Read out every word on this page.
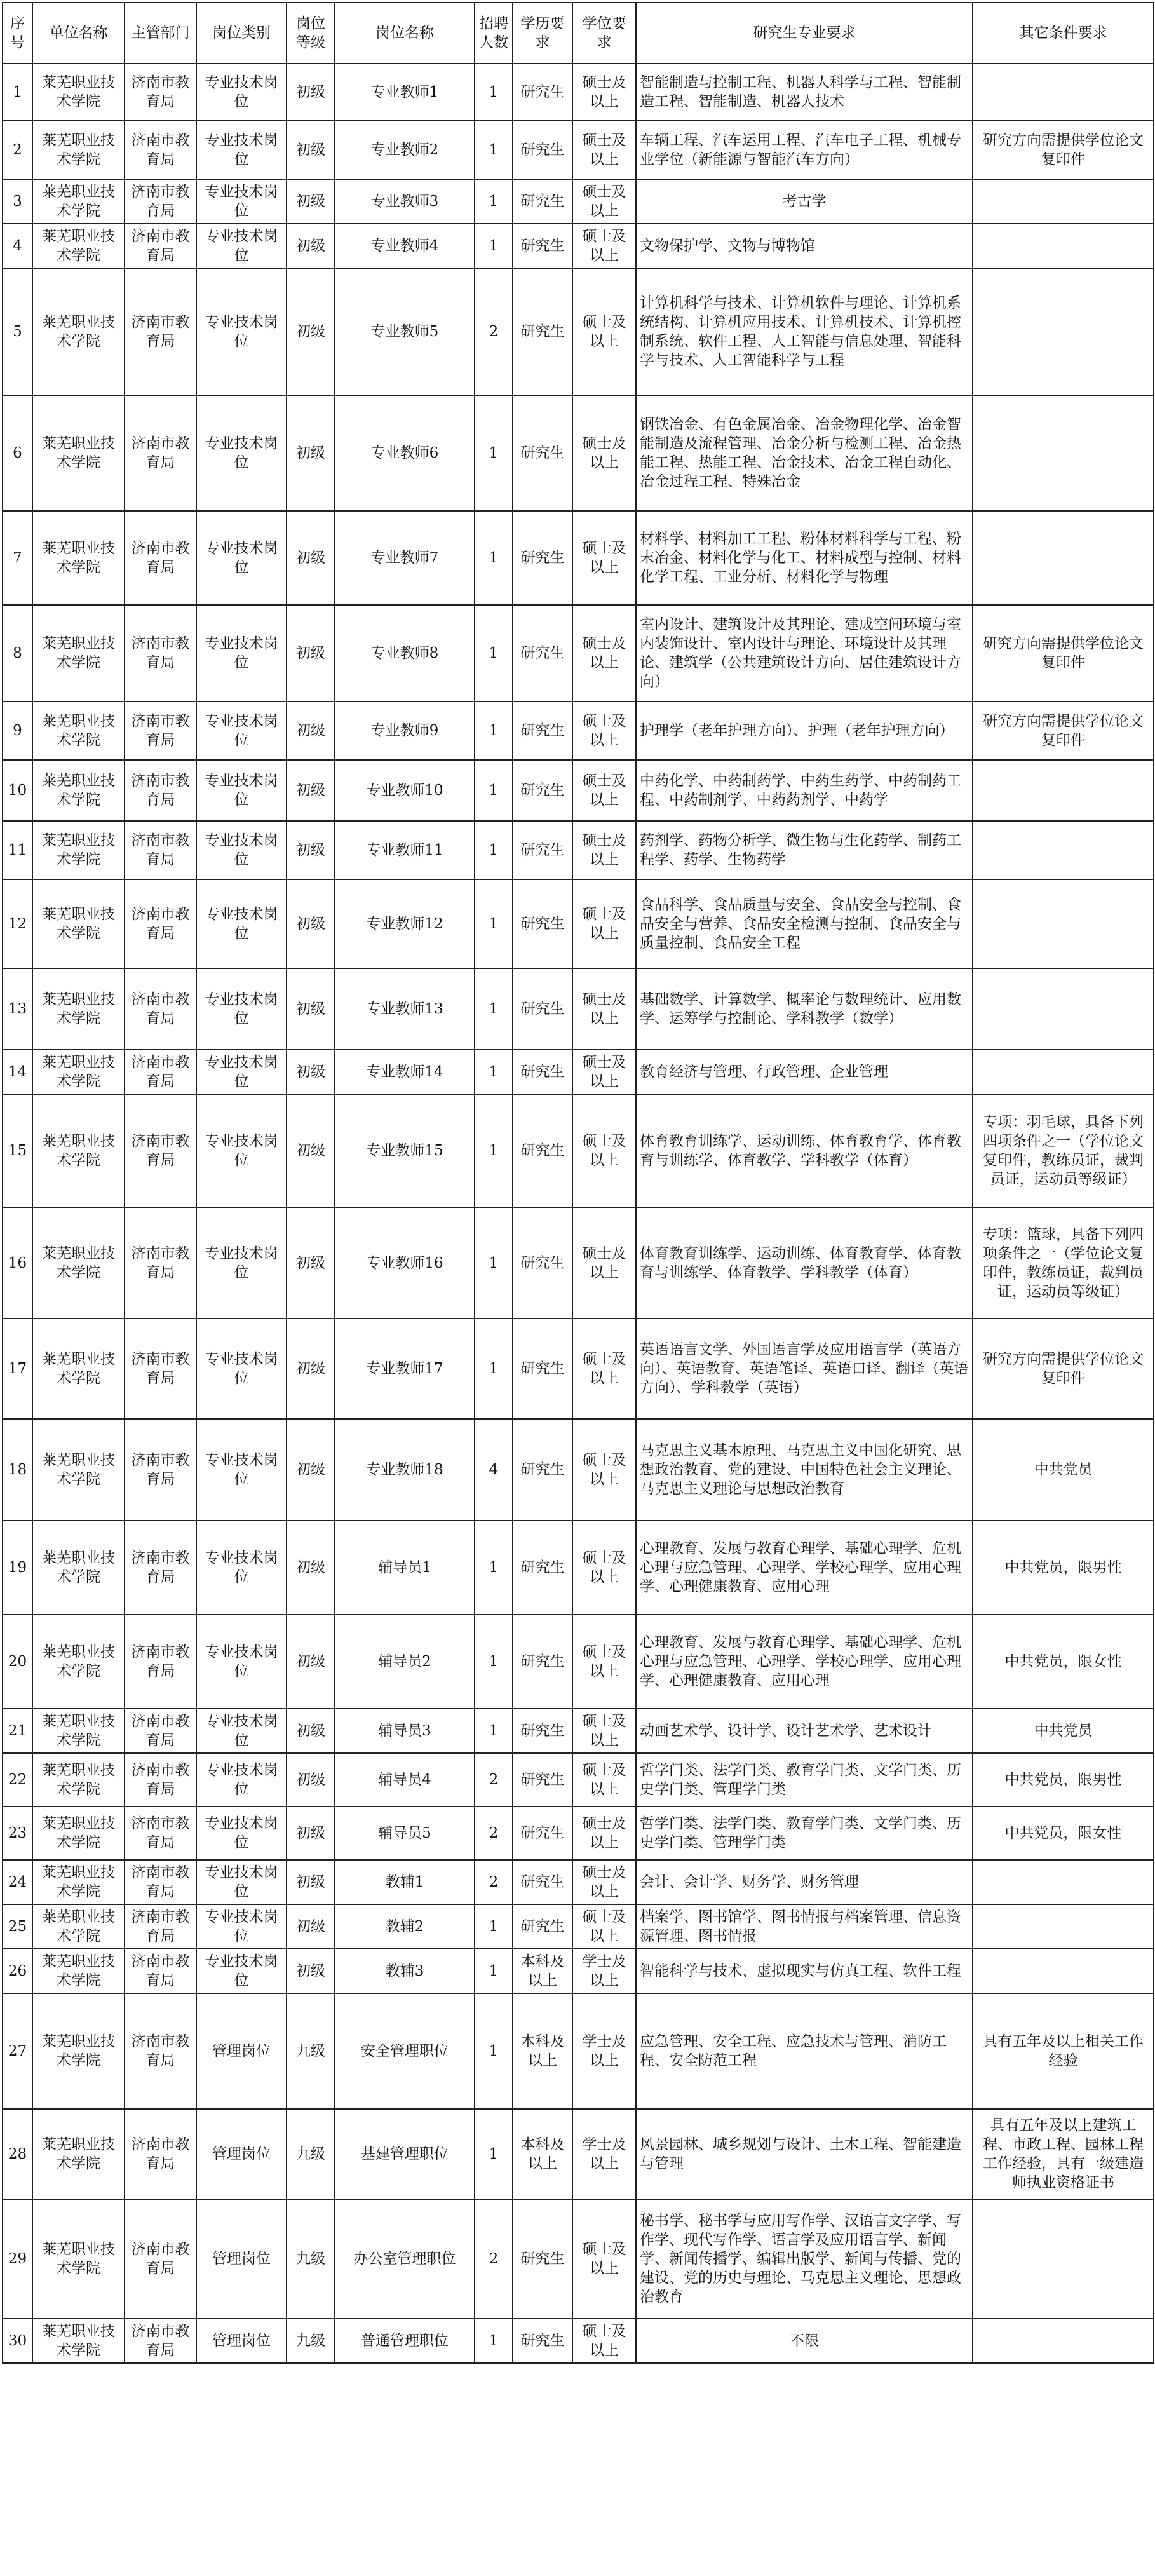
序号	单位名称	主管部门	岗位类别	岗位等级	岗位名称	招聘人数	学历要求	学位要求	研究生专业要求	其它条件要求
1	莱芜职业技术学院	济南市教育局	专业技术岗位	初级	专业教师1	1	研究生	硕士及以上	智能制造与控制工程、机器人科学与工程、智能制造工程、智能制造、机器人技术	
2	莱芜职业技术学院	济南市教育局	专业技术岗位	初级	专业教师2	1	研究生	硕士及以上	车辆工程、汽车运用工程、汽车电子工程、机械专业学位（新能源与智能汽车方向）	研究方向需提供学位论文复印件
3	莱芜职业技术学院	济南市教育局	专业技术岗位	初级	专业教师3	1	研究生	硕士及以上	考古学	
4	莱芜职业技术学院	济南市教育局	专业技术岗位	初级	专业教师4	1	研究生	硕士及以上	文物保护学、文物与博物馆	
5	莱芜职业技术学院	济南市教育局	专业技术岗位	初级	专业教师5	2	研究生	硕士及以上	计算机科学与技术、计算机软件与理论、计算机系统结构、计算机应用技术、计算机技术、计算机控制系统、软件工程、人工智能与信息处理、智能科学与技术、人工智能科学与工程	
6	莱芜职业技术学院	济南市教育局	专业技术岗位	初级	专业教师6	1	研究生	硕士及以上	钢铁冶金、有色金属冶金、冶金物理化学、冶金智能制造及流程管理、冶金分析与检测工程、冶金热能工程、热能工程、冶金技术、冶金工程自动化、冶金过程工程、特殊冶金	
7	莱芜职业技术学院	济南市教育局	专业技术岗位	初级	专业教师7	1	研究生	硕士及以上	材料学、材料加工工程、粉体材料科学与工程、粉末冶金、材料化学与化工、材料成型与控制、材料化学工程、工业分析、材料化学与物理	
8	莱芜职业技术学院	济南市教育局	专业技术岗位	初级	专业教师8	1	研究生	硕士及以上	室内设计、建筑设计及其理论、建成空间环境与室内装饰设计、室内设计与理论、环境设计及其理论、建筑学（公共建筑设计方向、居住建筑设计方向）	研究方向需提供学位论文复印件
9	莱芜职业技术学院	济南市教育局	专业技术岗位	初级	专业教师9	1	研究生	硕士及以上	护理学（老年护理方向）、护理（老年护理方向）	研究方向需提供学位论文复印件
10	莱芜职业技术学院	济南市教育局	专业技术岗位	初级	专业教师10	1	研究生	硕士及以上	中药化学、中药制药学、中药生药学、中药制药工程、中药制剂学、中药药剂学、中药学	
11	莱芜职业技术学院	济南市教育局	专业技术岗位	初级	专业教师11	1	研究生	硕士及以上	药剂学、药物分析学、微生物与生化药学、制药工程学、药学、生物药学	
12	莱芜职业技术学院	济南市教育局	专业技术岗位	初级	专业教师12	1	研究生	硕士及以上	食品科学、食品质量与安全、食品安全与控制、食品安全与营养、食品安全检测与控制、食品安全与质量控制、食品安全工程	
13	莱芜职业技术学院	济南市教育局	专业技术岗位	初级	专业教师13	1	研究生	硕士及以上	基础数学、计算数学、概率论与数理统计、应用数学、运筹学与控制论、学科教学（数学）	
14	莱芜职业技术学院	济南市教育局	专业技术岗位	初级	专业教师14	1	研究生	硕士及以上	教育经济与管理、行政管理、企业管理	
15	莱芜职业技术学院	济南市教育局	专业技术岗位	初级	专业教师15	1	研究生	硕士及以上	体育教育训练学、运动训练、体育教育学、体育教育与训练学、体育教学、学科教学（体育）	专项：羽毛球，具备下列四项条件之一（学位论文复印件，教练员证，裁判员证，运动员等级证）
16	莱芜职业技术学院	济南市教育局	专业技术岗位	初级	专业教师16	1	研究生	硕士及以上	体育教育训练学、运动训练、体育教育学、体育教育与训练学、体育教学、学科教学（体育）	专项：篮球，具备下列四项条件之一（学位论文复印件，教练员证，裁判员证，运动员等级证）
17	莱芜职业技术学院	济南市教育局	专业技术岗位	初级	专业教师17	1	研究生	硕士及以上	英语语言文学、外国语言学及应用语言学（英语方向）、英语教育、英语笔译、英语口译、翻译（英语方向）、学科教学（英语）	研究方向需提供学位论文复印件
18	莱芜职业技术学院	济南市教育局	专业技术岗位	初级	专业教师18	4	研究生	硕士及以上	马克思主义基本原理、马克思主义中国化研究、思想政治教育、党的建设、中国特色社会主义理论、马克思主义理论与思想政治教育	中共党员
19	莱芜职业技术学院	济南市教育局	专业技术岗位	初级	辅导员1	1	研究生	硕士及以上	心理教育、发展与教育心理学、基础心理学、危机心理与应急管理、心理学、学校心理学、应用心理学、心理健康教育、应用心理	中共党员，限男性
20	莱芜职业技术学院	济南市教育局	专业技术岗位	初级	辅导员2	1	研究生	硕士及以上	心理教育、发展与教育心理学、基础心理学、危机心理与应急管理、心理学、学校心理学、应用心理学、心理健康教育、应用心理	中共党员，限女性
21	莱芜职业技术学院	济南市教育局	专业技术岗位	初级	辅导员3	1	研究生	硕士及以上	动画艺术学、设计学、设计艺术学、艺术设计	中共党员
22	莱芜职业技术学院	济南市教育局	专业技术岗位	初级	辅导员4	2	研究生	硕士及以上	哲学门类、法学门类、教育学门类、文学门类、历史学门类、管理学门类	中共党员，限男性
23	莱芜职业技术学院	济南市教育局	专业技术岗位	初级	辅导员5	2	研究生	硕士及以上	哲学门类、法学门类、教育学门类、文学门类、历史学门类、管理学门类	中共党员，限女性
24	莱芜职业技术学院	济南市教育局	专业技术岗位	初级	教辅1	2	研究生	硕士及以上	会计、会计学、财务学、财务管理	
25	莱芜职业技术学院	济南市教育局	专业技术岗位	初级	教辅2	1	研究生	硕士及以上	档案学、图书馆学、图书情报与档案管理、信息资源管理、图书情报	
26	莱芜职业技术学院	济南市教育局	专业技术岗位	初级	教辅3	1	本科及以上	学士及以上	智能科学与技术、虚拟现实与仿真工程、软件工程	
27	莱芜职业技术学院	济南市教育局	管理岗位	九级	安全管理职位	1	本科及以上	学士及以上	应急管理、安全工程、应急技术与管理、消防工程、安全防范工程	具有五年及以上相关工作经验
28	莱芜职业技术学院	济南市教育局	管理岗位	九级	基建管理职位	1	本科及以上	学士及以上	风景园林、城乡规划与设计、土木工程、智能建造与管理	具有五年及以上建筑工程、市政工程、园林工程工作经验，具有一级建造师执业资格证书
29	莱芜职业技术学院	济南市教育局	管理岗位	九级	办公室管理职位	2	研究生	硕士及以上	秘书学、秘书学与应用写作学、汉语言文字学、写作学、现代写作学、语言学及应用语言学、新闻学、新闻传播学、编辑出版学、新闻与传播、党的建设、党的历史与理论、马克思主义理论、思想政治教育	
30	莱芜职业技术学院	济南市教育局	管理岗位	九级	普通管理职位	1	研究生	硕士及以上	不限	
